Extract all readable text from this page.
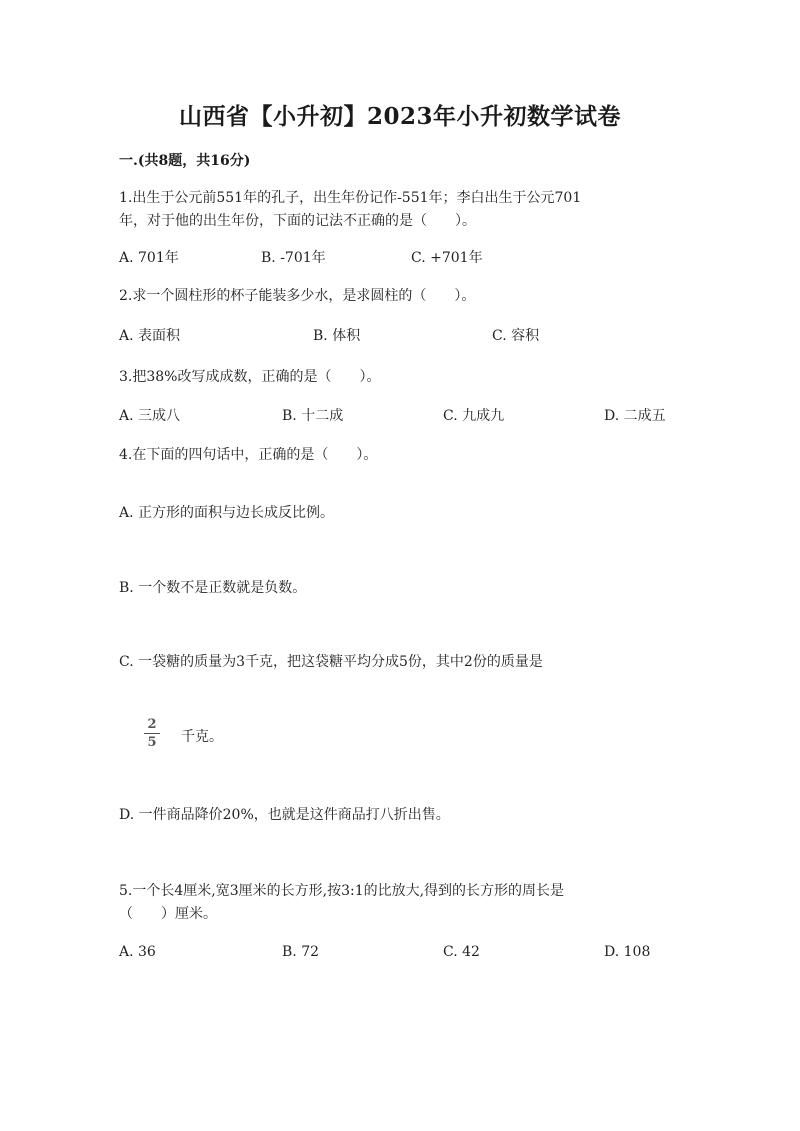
山西省【小升初】2023年小升初数学试卷
一.(共8题，共16分)
1.出生于公元前551年的孔子，出生年份记作-551年；李白出生于公元701
年，对于他的出生年份，下面的记法不正确的是（　　）。
A. 701年	B. -701年	C. +701年
2.求一个圆柱形的杯子能装多少水，是求圆柱的（　　）。
A. 表面积	B. 体积	C. 容积
3.把38%改写成成数，正确的是（　　）。
A. 三成八	B. 十二成	C. 九成九	D. 二成五
4.在下面的四句话中，正确的是（　　）。
A. 正方形的面积与边长成反比例。
B. 一个数不是正数就是负数。
C. 一袋糖的质量为3千克，把这袋糖平均分成5份，其中2份的质量是
2
5	千克。
D. 一件商品降价20%，也就是这件商品打八折出售。
5.一个长4厘米,宽3厘米的长方形,按3:1的比放大,得到的长方形的周长是
（　　）厘米。
A. 36	B. 72	C. 42	D. 108
